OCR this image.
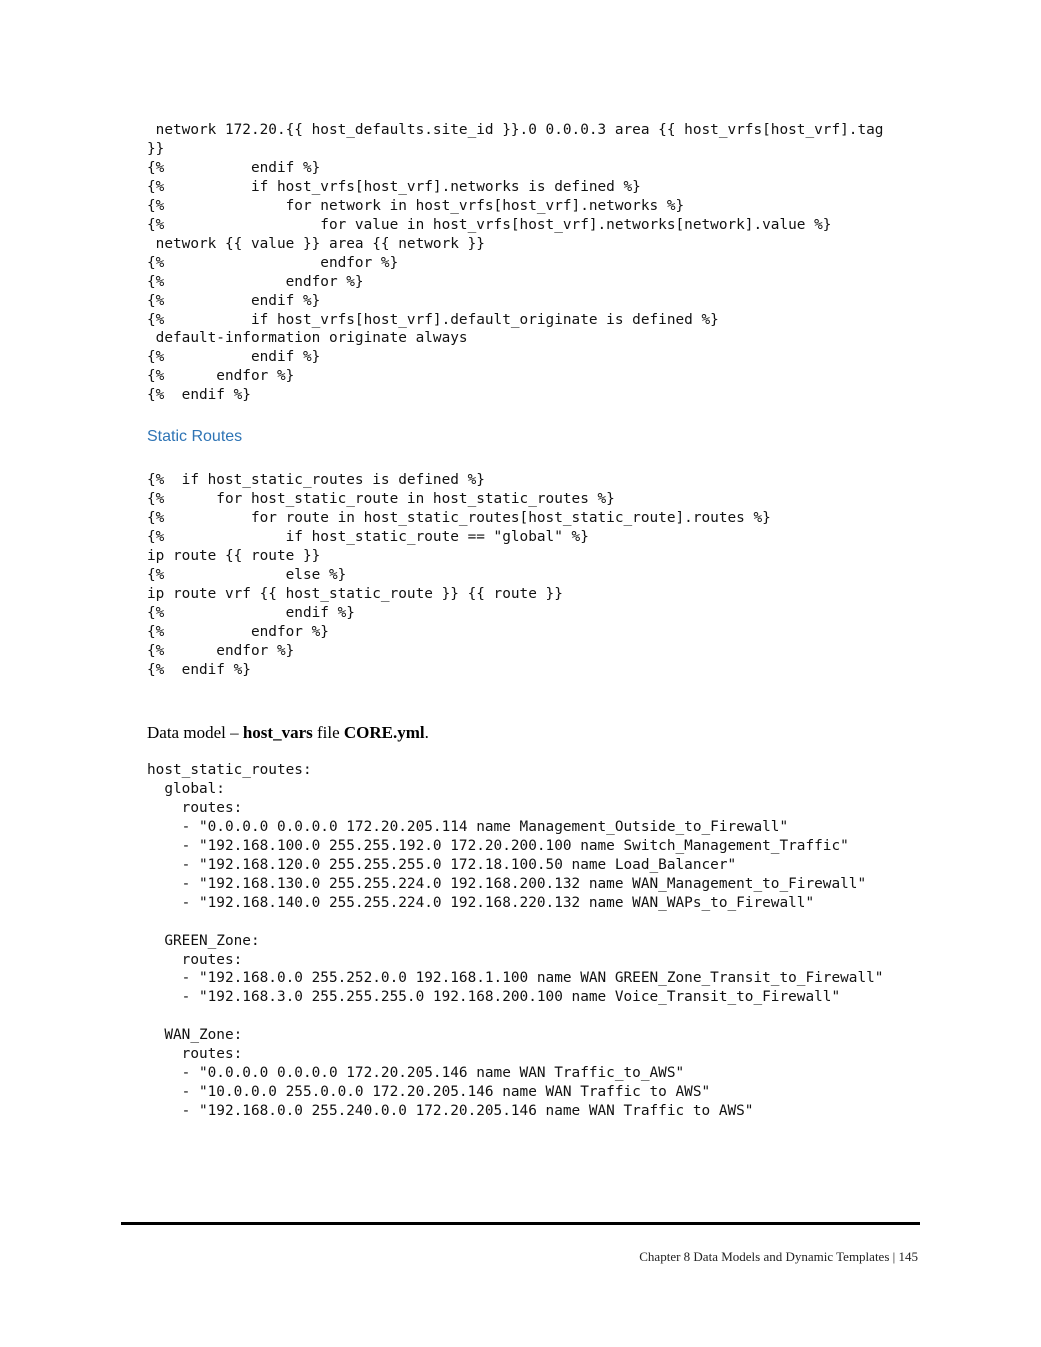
network 172.20.{{ host_defaults.site_id }}.0 0.0.0.3 area {{ host_vrfs[host_vrf].tag
}}
{%          endif %}
{%          if host_vrfs[host_vrf].networks is defined %}
{%              for network in host_vrfs[host_vrf].networks %}
{%                  for value in host_vrfs[host_vrf].networks[network].value %}
network {{ value }} area {{ network }}
{%                  endfor %}
{%              endfor %}
{%          endif %}
{%          if host_vrfs[host_vrf].default_originate is defined %}
default-information originate always
{%          endif %}
{%      endfor %}
{%  endif %}
Static Routes
{%  if host_static_routes is defined %}
{%      for host_static_route in host_static_routes %}
{%          for route in host_static_routes[host_static_route].routes %}
{%              if host_static_route == "global" %}
ip route {{ route }}
{%              else %}
ip route vrf {{ host_static_route }} {{ route }}
{%              endif %}
{%          endfor %}
{%      endfor %}
{%  endif %}
Data model – host_vars file CORE.yml.
host_static_routes:
global:
routes:
- "0.0.0.0 0.0.0.0 172.20.205.114 name Management_Outside_to_Firewall"
- "192.168.100.0 255.255.192.0 172.20.200.100 name Switch_Management_Traffic"
- "192.168.120.0 255.255.255.0 172.18.100.50 name Load_Balancer"
- "192.168.130.0 255.255.224.0 192.168.200.132 name WAN_Management_to_Firewall"
- "192.168.140.0 255.255.224.0 192.168.220.132 name WAN_WAPs_to_Firewall"

GREEN_Zone:
routes:
- "192.168.0.0 255.252.0.0 192.168.1.100 name WAN GREEN_Zone_Transit_to_Firewall"
- "192.168.3.0 255.255.255.0 192.168.200.100 name Voice_Transit_to_Firewall"

WAN_Zone:
routes:
- "0.0.0.0 0.0.0.0 172.20.205.146 name WAN Traffic_to_AWS"
- "10.0.0.0 255.0.0.0 172.20.205.146 name WAN Traffic to AWS"
- "192.168.0.0 255.240.0.0 172.20.205.146 name WAN Traffic to AWS"
Chapter 8 Data Models and Dynamic Templates | 145
